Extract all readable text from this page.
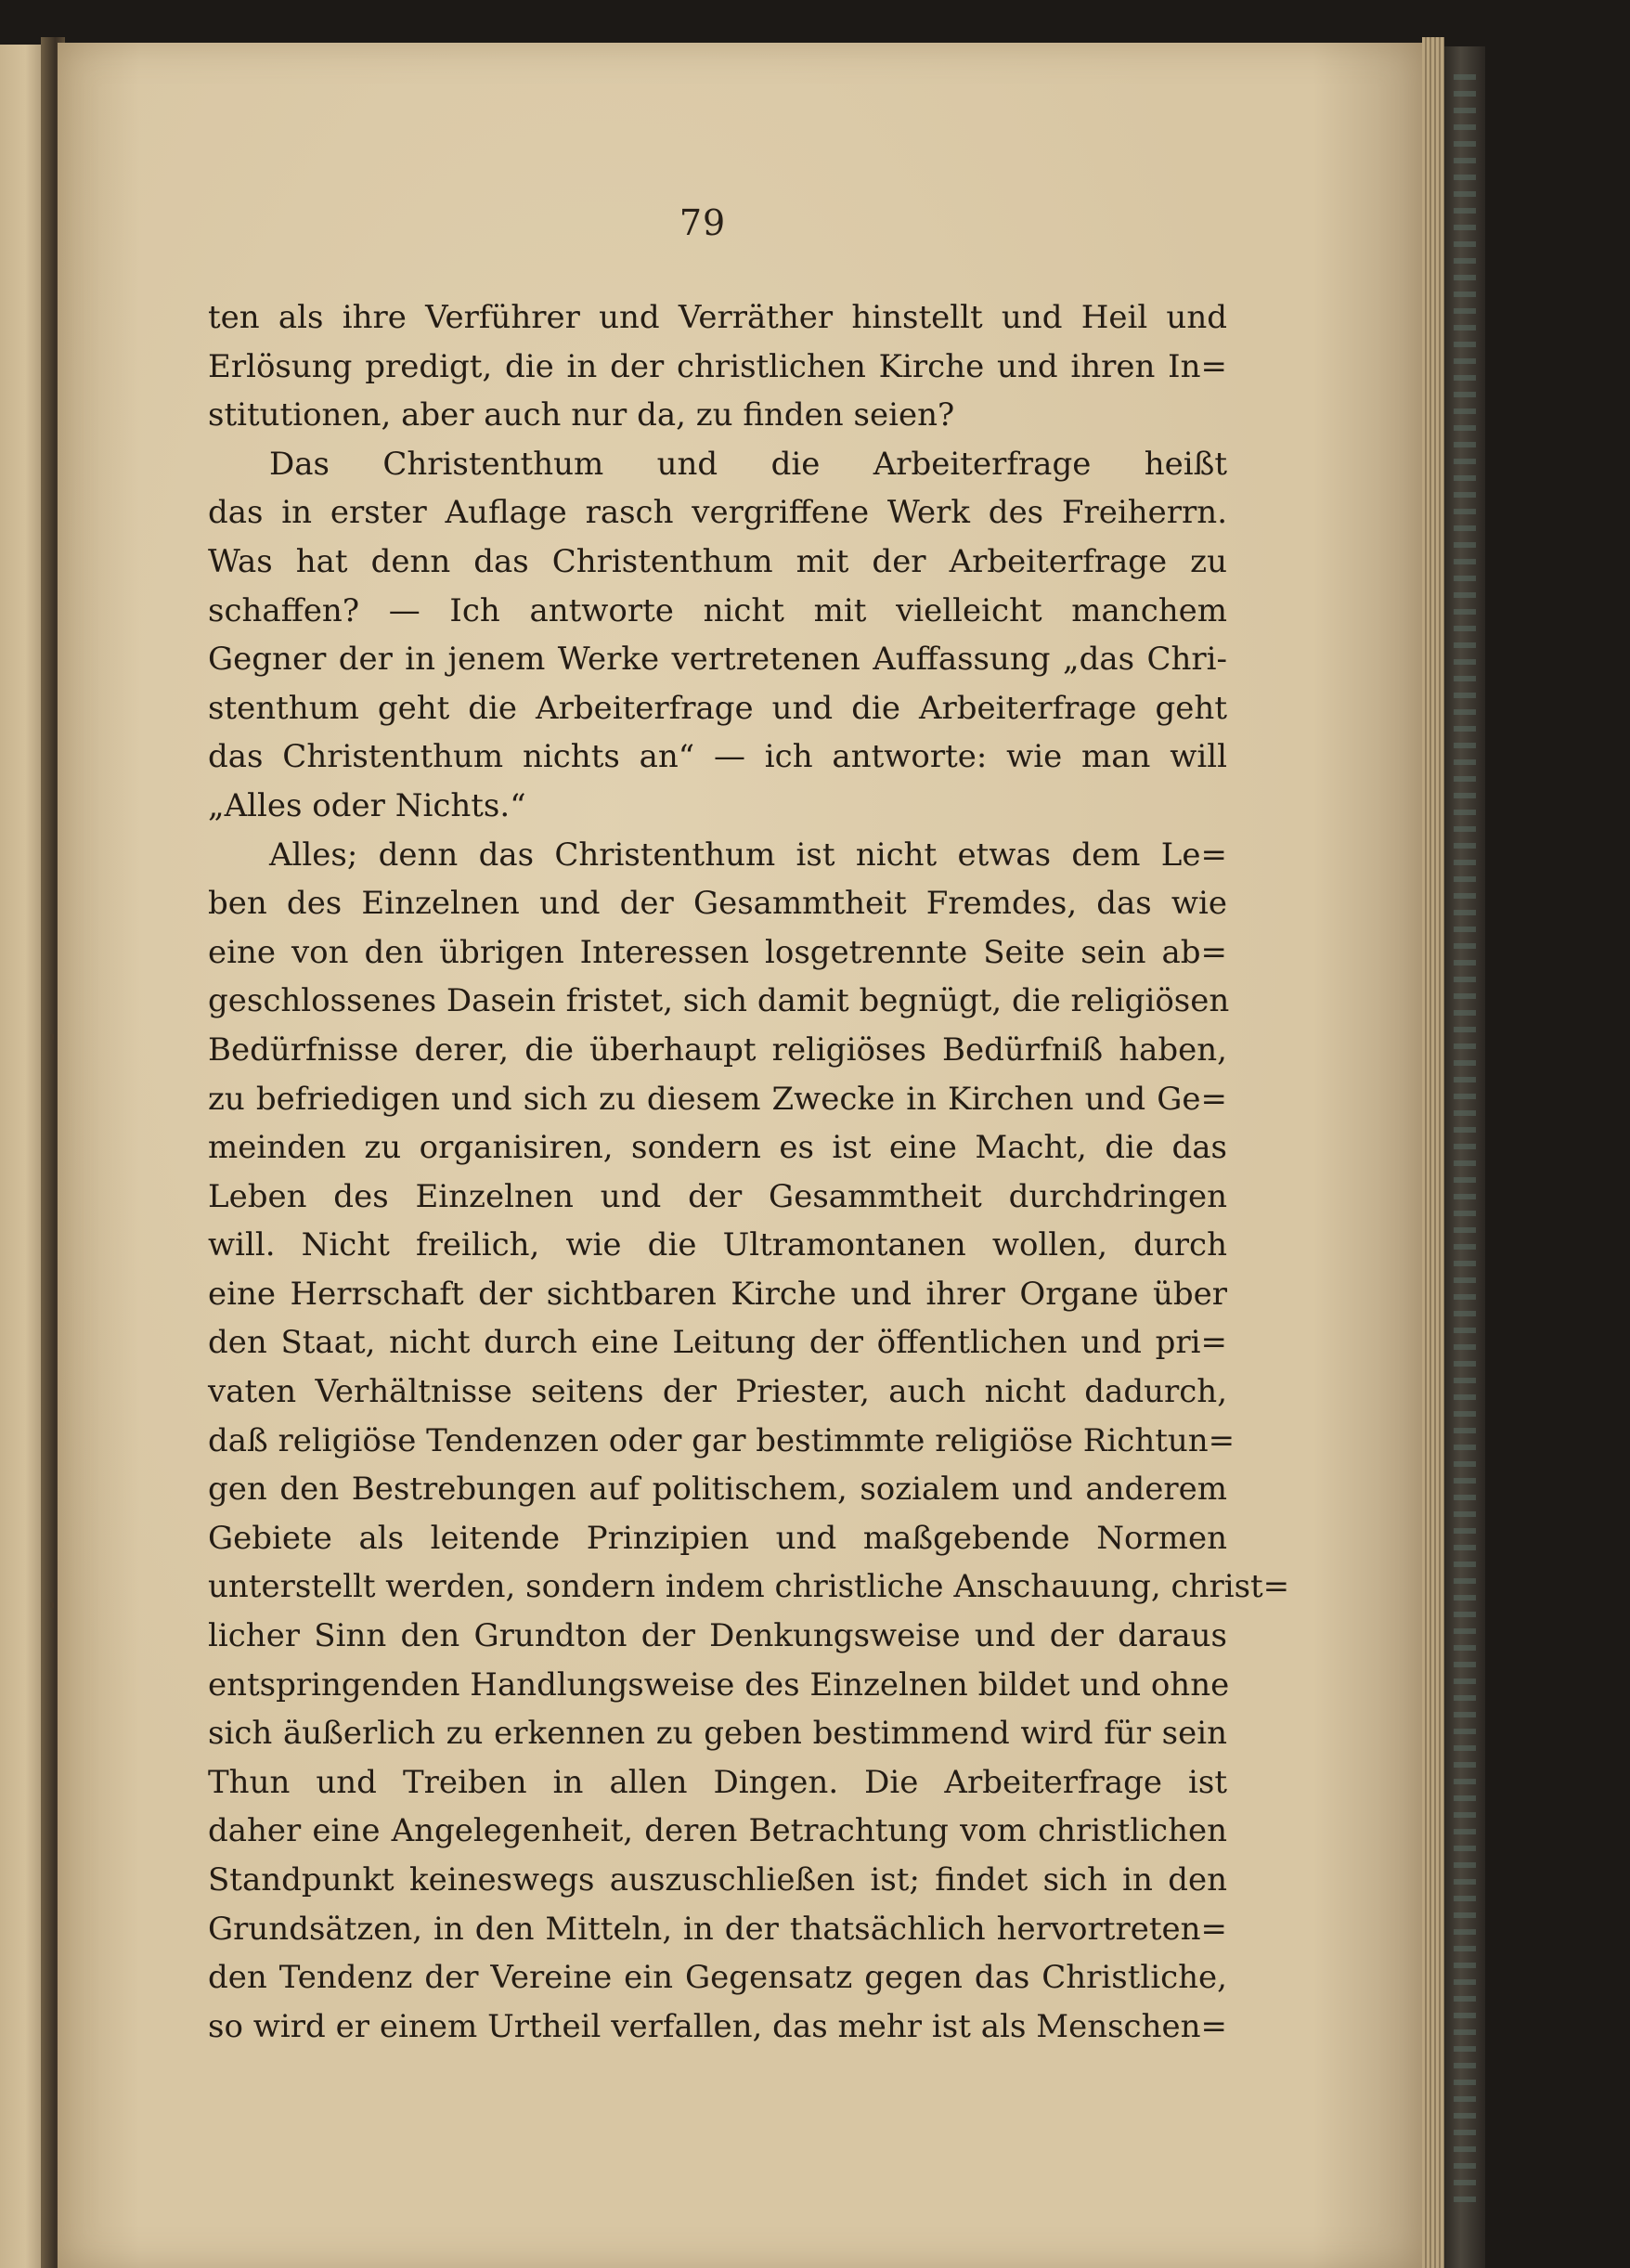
79
ten als ihre Verführer und Verräther hinstellt und Heil und
Erlösung predigt, die in der christlichen Kirche und ihren In=
stitutionen, aber auch nur da, zu finden seien?
Das Christenthum und die Arbeiterfrage heißt
das in erster Auflage rasch vergriffene Werk des Freiherrn.
Was hat denn das Christenthum mit der Arbeiterfrage zu
schaffen? — Ich antworte nicht mit vielleicht manchem
Gegner der in jenem Werke vertretenen Auffassung „das Chri-
stenthum geht die Arbeiterfrage und die Arbeiterfrage geht
das Christenthum nichts an“ — ich antworte: wie man will
„Alles oder Nichts.“
Alles; denn das Christenthum ist nicht etwas dem Le=
ben des Einzelnen und der Gesammtheit Fremdes, das wie
eine von den übrigen Interessen losgetrennte Seite sein ab=
geschlossenes Dasein fristet, sich damit begnügt, die religiösen
Bedürfnisse derer, die überhaupt religiöses Bedürfniß haben,
zu befriedigen und sich zu diesem Zwecke in Kirchen und Ge=
meinden zu organisiren, sondern es ist eine Macht, die das
Leben des Einzelnen und der Gesammtheit durchdringen
will. Nicht freilich, wie die Ultramontanen wollen, durch
eine Herrschaft der sichtbaren Kirche und ihrer Organe über
den Staat, nicht durch eine Leitung der öffentlichen und pri=
vaten Verhältnisse seitens der Priester, auch nicht dadurch,
daß religiöse Tendenzen oder gar bestimmte religiöse Richtun=
gen den Bestrebungen auf politischem, sozialem und anderem
Gebiete als leitende Prinzipien und maßgebende Normen
unterstellt werden, sondern indem christliche Anschauung, christ=
licher Sinn den Grundton der Denkungsweise und der daraus
entspringenden Handlungsweise des Einzelnen bildet und ohne
sich äußerlich zu erkennen zu geben bestimmend wird für sein
Thun und Treiben in allen Dingen. Die Arbeiterfrage ist
daher eine Angelegenheit, deren Betrachtung vom christlichen
Standpunkt keineswegs auszuschließen ist; findet sich in den
Grundsätzen, in den Mitteln, in der thatsächlich hervortreten=
den Tendenz der Vereine ein Gegensatz gegen das Christliche,
so wird er einem Urtheil verfallen, das mehr ist als Menschen=
